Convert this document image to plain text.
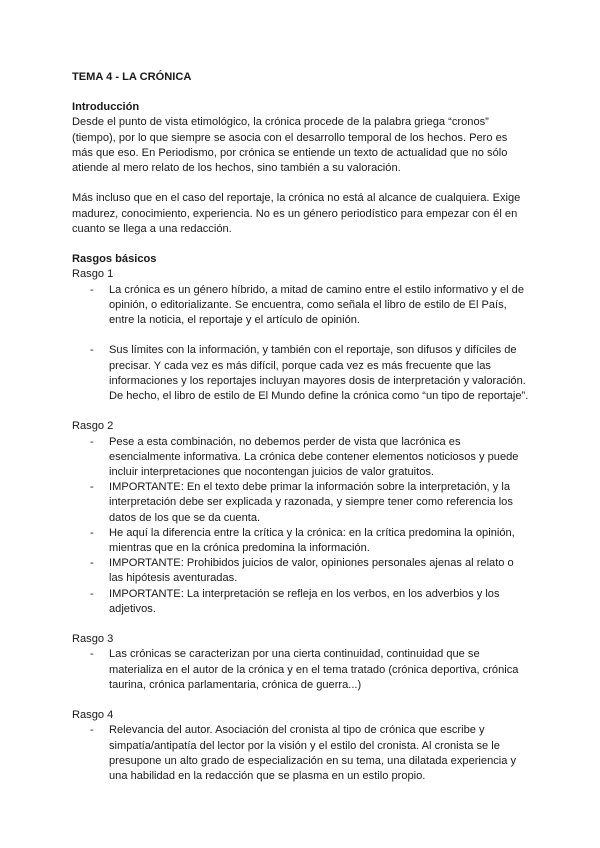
TEMA 4 - LA CRÓNICA

Introducción

Desde el punto de vista etimológico, la crónica procede de la palabra griega “cronos” (tiempo), por lo que siempre se asocia con el desarrollo temporal de los hechos. Pero es más que eso. En Periodismo, por crónica se entiende un texto de actualidad que no sólo atiende al mero relato de los hechos, sino también a su valoración.

Más incluso que en el caso del reportaje, la crónica no está al alcance de cualquiera. Exige madurez, conocimiento, experiencia. No es un género periodístico para empezar con él en cuanto se llega a una redacción.

Rasgos básicos

Rasgo 1

- La crónica es un género híbrido, a mitad de camino entre el estilo informativo y el de opinión, o editorializante. Se encuentra, como señala el libro de estilo de El País, entre la noticia, el reportaje y el artículo de opinión.
- Sus límites con la información, y también con el reportaje, son difusos y difíciles de precisar. Y cada vez es más difícil, porque cada vez es más frecuente que las informaciones y los reportajes incluyan mayores dosis de interpretación y valoración. De hecho, el libro de estilo de El Mundo define la crónica como “un tipo de reportaje”.

Rasgo 2

- Pese a esta combinación, no debemos perder de vista que lacrónica es esencialmente informativa. La crónica debe contener elementos noticiosos y puede incluir interpretaciones que nocontengan juicios de valor gratuitos.
- IMPORTANTE: En el texto debe primar la información sobre la interpretación, y la interpretación debe ser explicada y razonada, y siempre tener como referencia los datos de los que se da cuenta.
- He aquí la diferencia entre la crítica y la crónica: en la crítica predomina la opinión, mientras que en la crónica predomina la información.
- IMPORTANTE: Prohibidos juicios de valor, opiniones personales ajenas al relato o las hipótesis aventuradas.
- IMPORTANTE: La interpretación se refleja en los verbos, en los adverbios y los adjetivos.

Rasgo 3

- Las crónicas se caracterizan por una cierta continuidad, continuidad que se materializa en el autor de la crónica y en el tema tratado (crónica deportiva, crónica taurina, crónica parlamentaria, crónica de guerra...)

Rasgo 4

- Relevancia del autor. Asociación del cronista al tipo de crónica que escribe y simpatía/antipatía del lector por la visión y el estilo del cronista. Al cronista se le presupone un alto grado de especialización en su tema, una dilatada experiencia y una habilidad en la redacción que se plasma en un estilo propio.
